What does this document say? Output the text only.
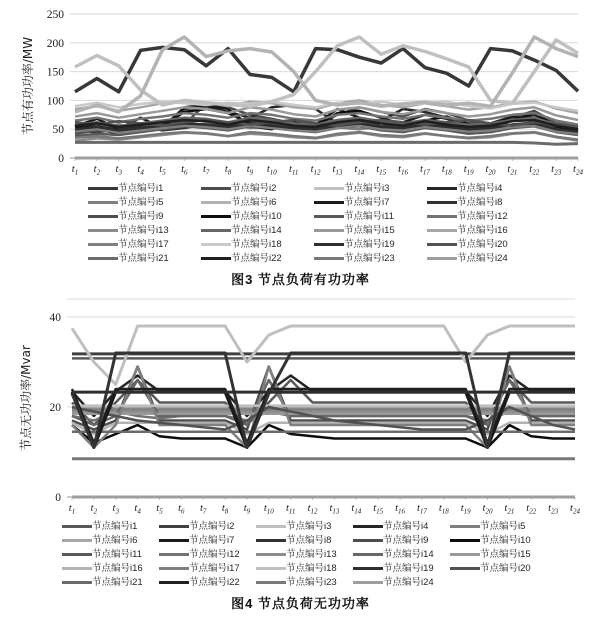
0
50
100
150
200
250
t1 t2 t3 t4 t5 t6 t7 t8 t9 t10 t11 t12 t13 t14 t15 t16 t17 t18 t19 t20 t21 t22 t23 t24
节点有功功率/MW
节点编号i1	节点编号i2	节点编号i3	节点编号i4
节点编号i5	节点编号i6	节点编号i7	节点编号i8
节点编号i9	节点编号i10	节点编号i11	节点编号i12
节点编号i13	节点编号i14	节点编号i15	节点编号i16
节点编号i17	节点编号i18	节点编号i19	节点编号i20
节点编号i21	节点编号i22	节点编号i23	节点编号i24
图3 节点负荷有功功率
0
20
40
t1 t2 t3 t4 t5 t6 t7 t8 t9 t10 t11 t12 t13 t14 t15 t16 t17 t18 t19 t20 t21 t22 t23 t24
节点无功功率/Mvar
节点编号i1	节点编号i2	节点编号i3	节点编号i4	节点编号i5
节点编号i6	节点编号i7	节点编号i8	节点编号i9	节点编号i10
节点编号i11	节点编号i12	节点编号i13	节点编号i14	节点编号i15
节点编号i16	节点编号i17	节点编号i18	节点编号i19	节点编号i20
节点编号i21	节点编号i22	节点编号i23	节点编号i24
图4 节点负荷无功功率
